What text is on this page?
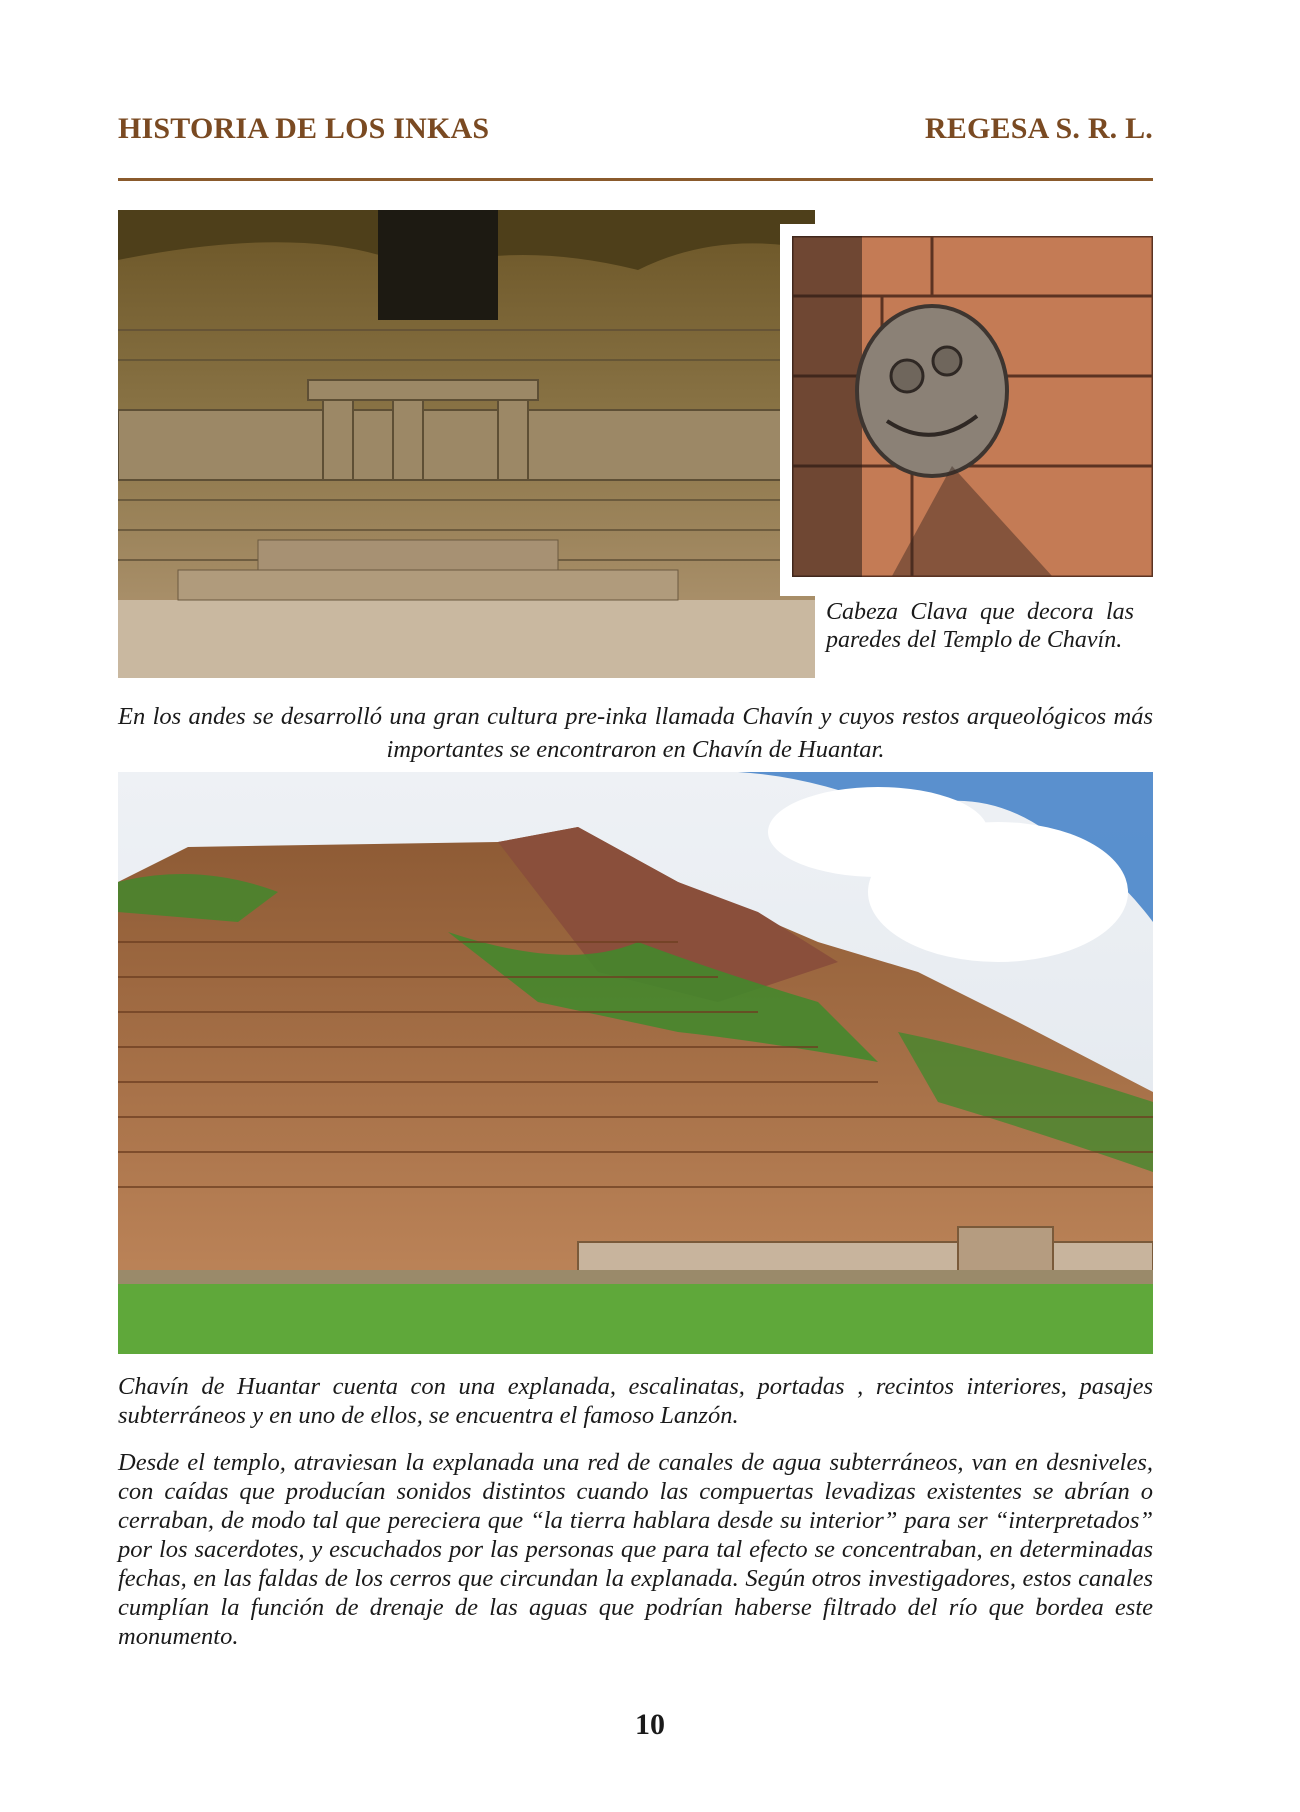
HISTORIA DE LOS INKAS	REGESA S. R. L.
Cabeza Clava que decora las paredes del Templo de Chavín.
En los andes se desarrolló una gran cultura pre-inka llamada Chavín y cuyos restos arqueológicos más importantes se encontraron en Chavín de Huantar.
Chavín de Huantar cuenta con una explanada, escalinatas, portadas , recintos interiores, pasajes subterráneos y en uno de ellos, se encuentra el famoso Lanzón.
Desde el templo, atraviesan la explanada una red de canales de agua subterráneos, van en desniveles, con caídas que producían sonidos distintos cuando las compuertas levadizas existentes se abrían o cerraban, de modo tal que pereciera que “la tierra hablara desde su interior” para ser “interpretados” por los sacerdotes, y escuchados por las personas que para tal efecto se concentraban, en determinadas fechas, en las faldas de los cerros que circundan la explanada. Según otros investigadores, estos canales cumplían la función de drenaje de las aguas que podrían haberse filtrado del río que bordea este monumento.
10
